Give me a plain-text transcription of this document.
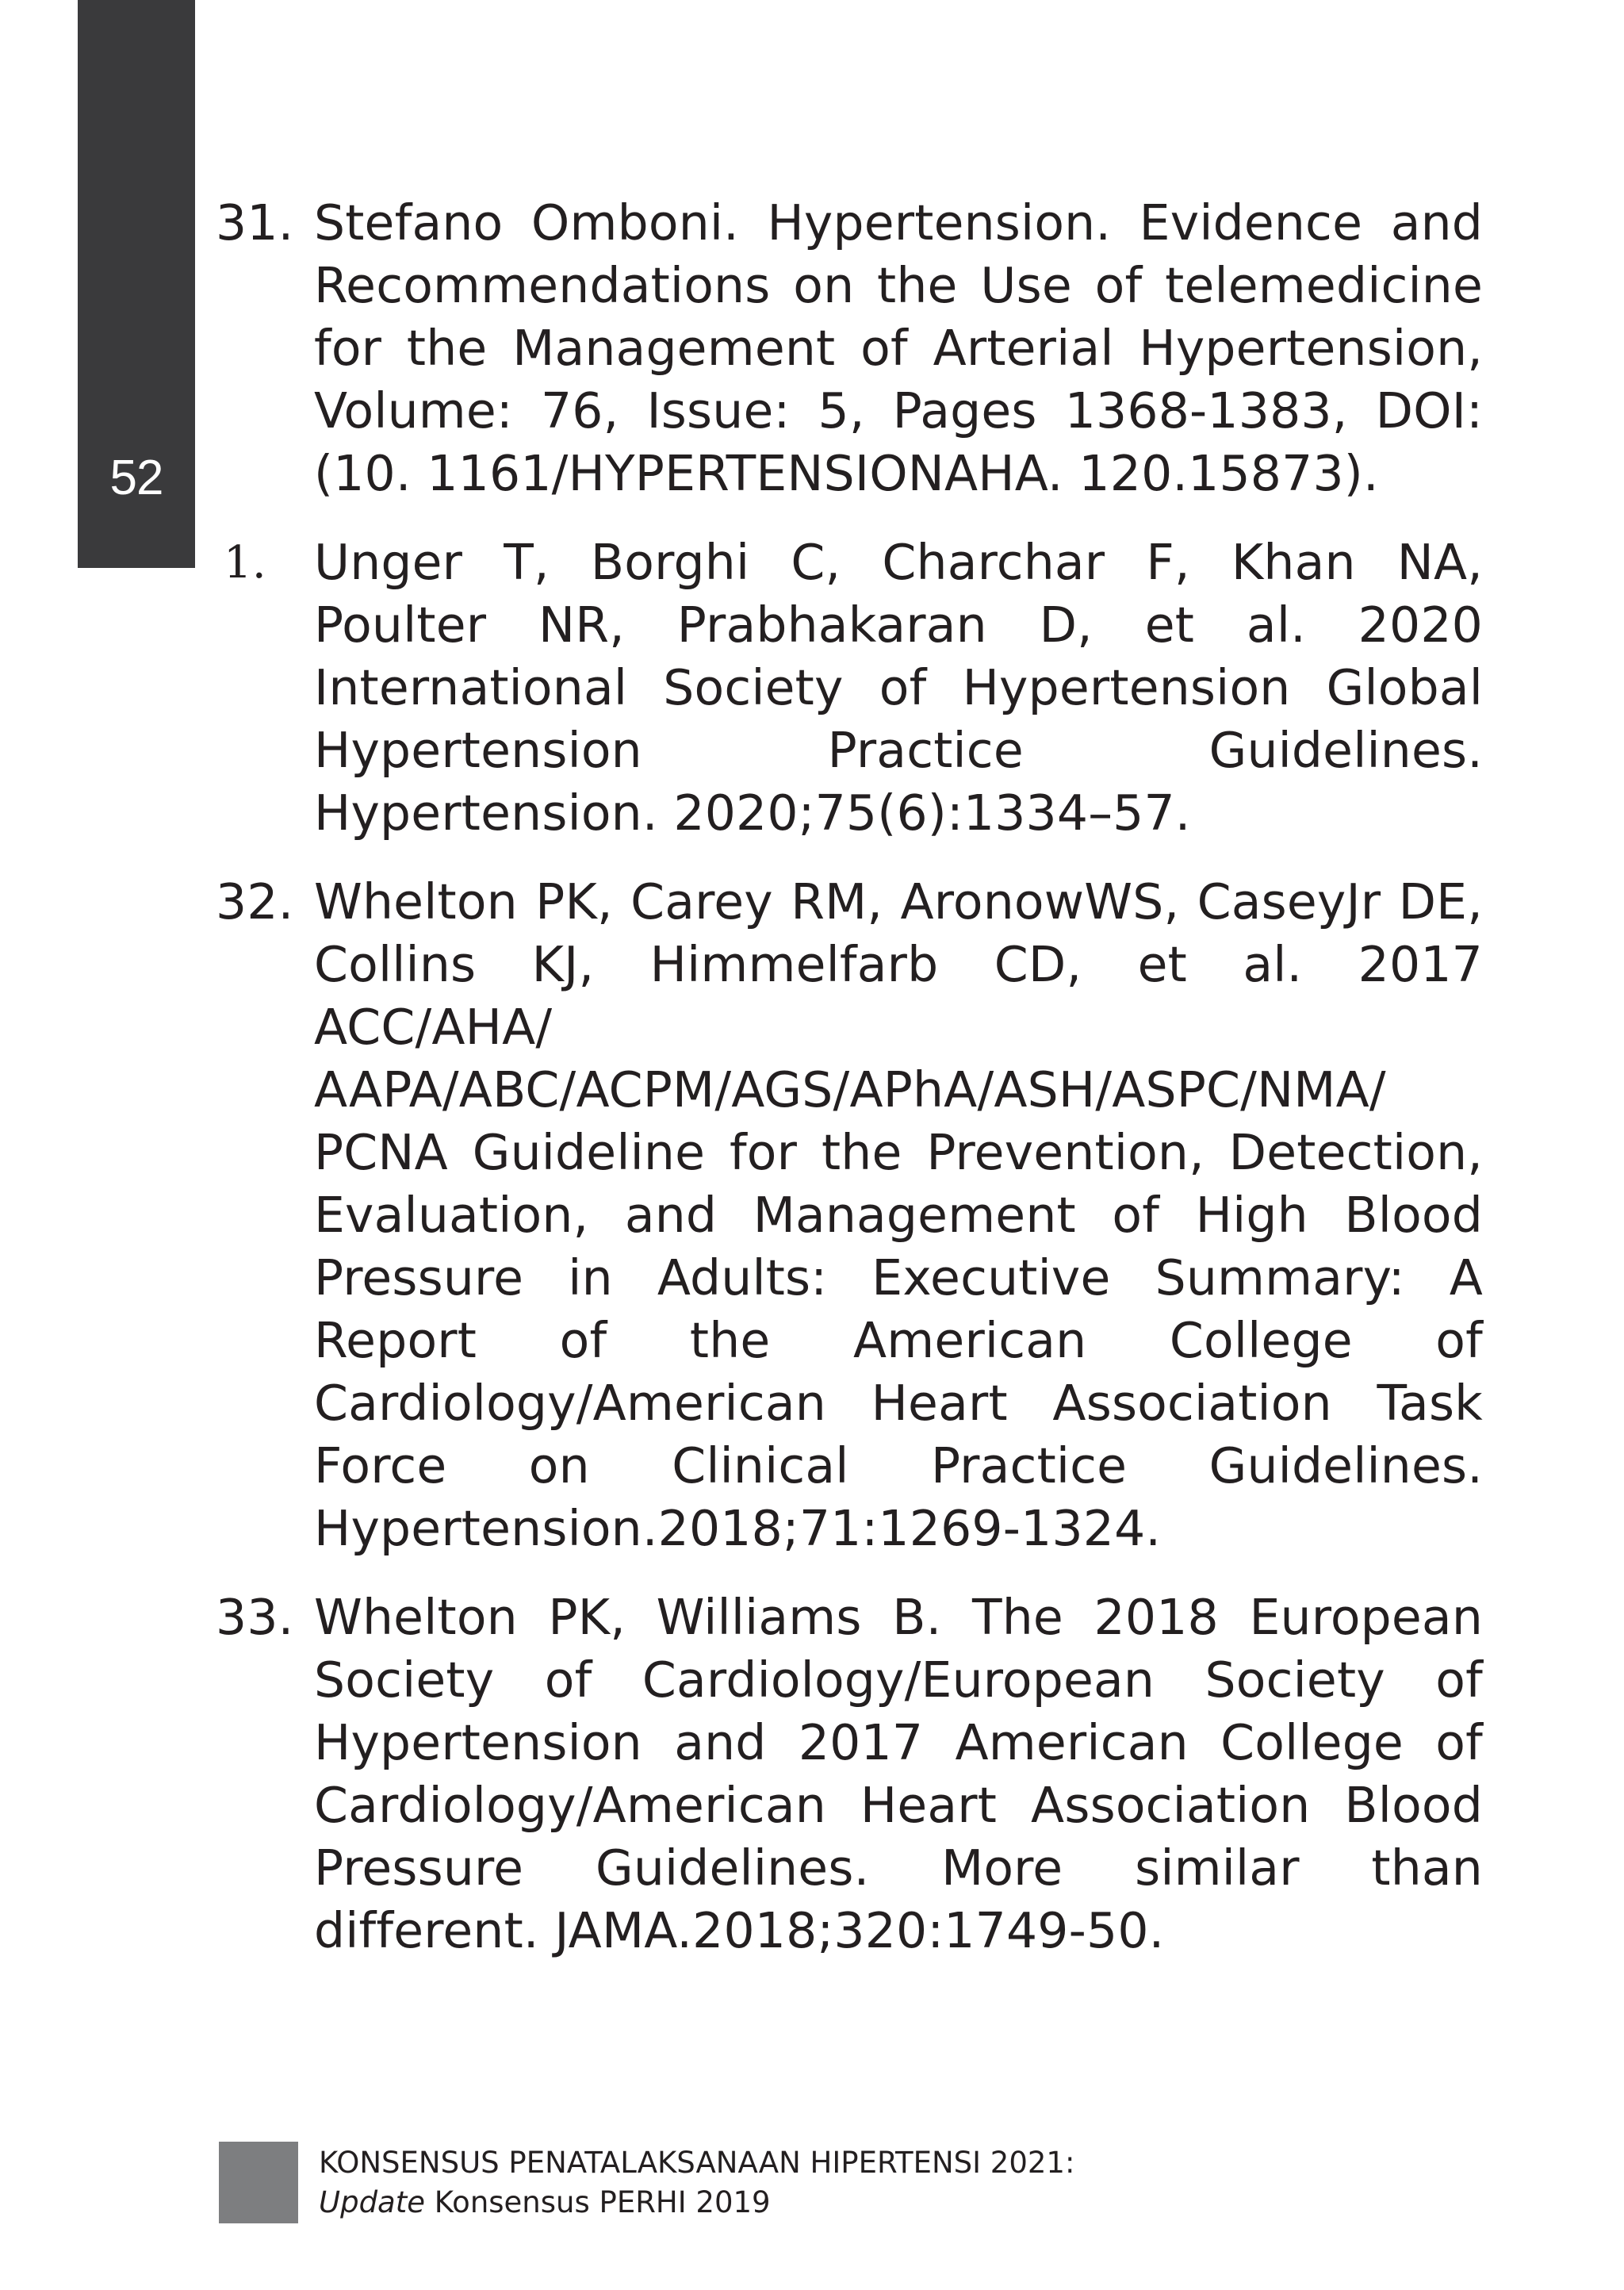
52
31. Stefano Omboni. Hypertension. Evidence and Recommendations on the Use of telemedicine for the Management of Arterial Hypertension, Volume: 76, Issue: 5, Pages 1368-1383, DOI: (10. 1161/HYPERTENSIONAHA. 120.15873).
1. Unger T, Borghi C, Charchar F, Khan NA, Poulter NR, Prabhakaran D, et al. 2020 International Society of Hypertension Global Hypertension Practice Guidelines. Hypertension. 2020;75(6):1334–57.
32. Whelton PK, Carey RM, AronowWS, CaseyJr DE, Collins KJ, Himmelfarb CD, et al. 2017 ACC/AHA/ AAPA/ABC/ACPM/AGS/APhA/ASH/ASPC/NMA/ PCNA Guideline for the Prevention, Detection, Evaluation, and Management of High Blood Pressure in Adults: Executive Summary: A Report of the American College of Cardiology/American Heart Association Task Force on Clinical Practice Guidelines. Hypertension.2018;71:1269-1324.
33. Whelton PK, Williams B. The 2018 European Society of Cardiology/European Society of Hypertension and 2017 American College of Cardiology/American Heart Association Blood Pressure Guidelines. More similar than different. JAMA.2018;320:1749-50.
KONSENSUS PENATALAKSANAAN HIPERTENSI 2021:
Update Konsensus PERHI 2019
